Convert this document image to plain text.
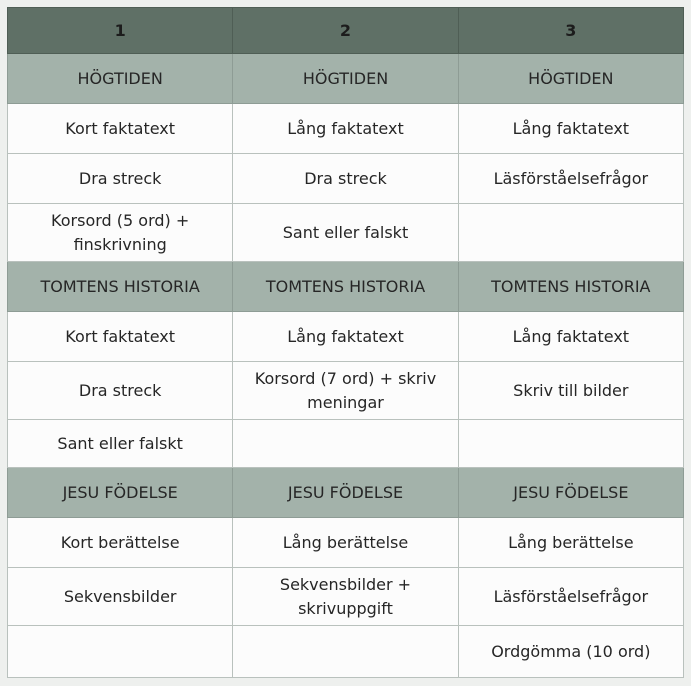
1	2	3
HÖGTIDEN	HÖGTIDEN	HÖGTIDEN
Kort faktatext	Lång faktatext	Lång faktatext
Dra streck	Dra streck	Läsförståelsefrågor
Korsord (5 ord) + finskrivning	Sant eller falskt	
TOMTENS HISTORIA	TOMTENS HISTORIA	TOMTENS HISTORIA
Kort faktatext	Lång faktatext	Lång faktatext
Dra streck	Korsord (7 ord) + skriv meningar	Skriv till bilder
Sant eller falskt		
JESU FÖDELSE	JESU FÖDELSE	JESU FÖDELSE
Kort berättelse	Lång berättelse	Lång berättelse
Sekvensbilder	Sekvensbilder + skrivuppgift	Läsförståelsefrågor
		Ordgömma (10 ord)
